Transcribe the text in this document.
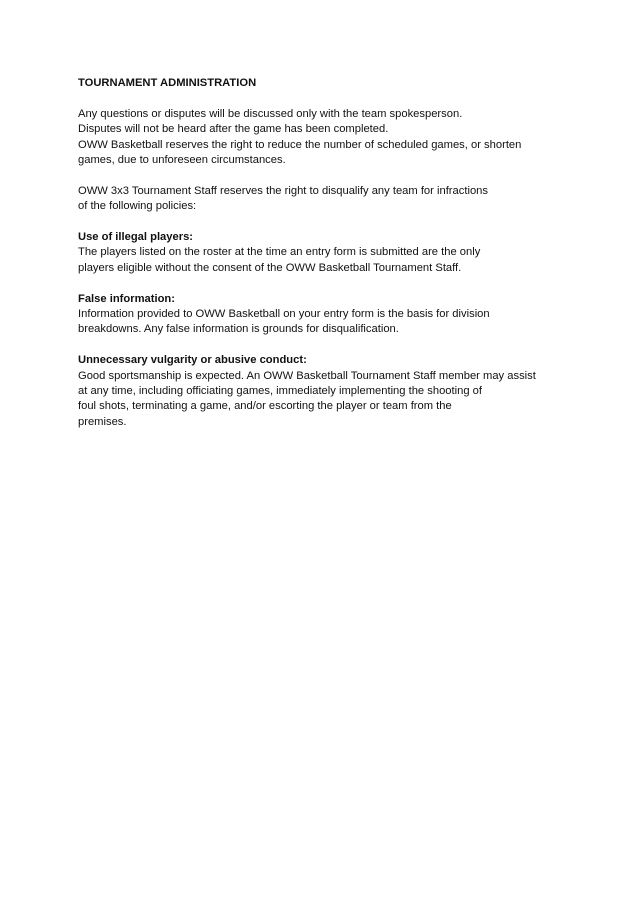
TOURNAMENT ADMINISTRATION
Any questions or disputes will be discussed only with the team spokesperson.
Disputes will not be heard after the game has been completed.
OWW Basketball reserves the right to reduce the number of scheduled games, or shorten
games, due to unforeseen circumstances.
OWW 3x3 Tournament Staff reserves the right to disqualify any team for infractions
of the following policies:
Use of illegal players:
The players listed on the roster at the time an entry form is submitted are the only
players eligible without the consent of the OWW Basketball Tournament Staff.
False information:
Information provided to OWW Basketball on your entry form is the basis for division
breakdowns. Any false information is grounds for disqualification.
Unnecessary vulgarity or abusive conduct:
Good sportsmanship is expected. An OWW Basketball Tournament Staff member may assist
at any time, including officiating games, immediately implementing the shooting of
foul shots, terminating a game, and/or escorting the player or team from the
premises.
